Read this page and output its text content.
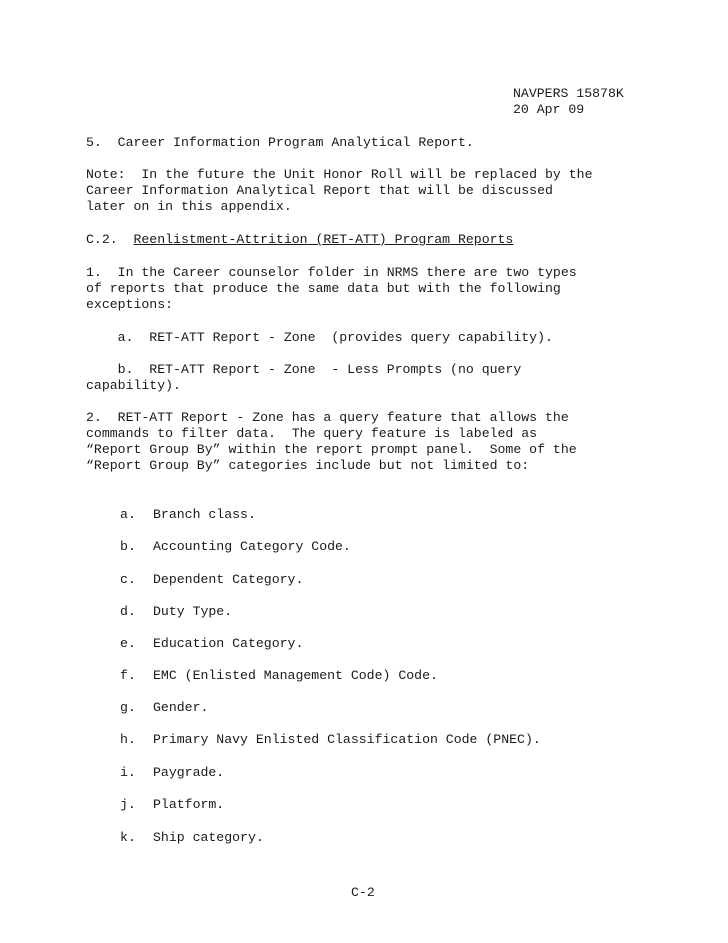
NAVPERS 15878K
20 Apr 09
5.  Career Information Program Analytical Report.
Note:  In the future the Unit Honor Roll will be replaced by the
Career Information Analytical Report that will be discussed
later on in this appendix.
C.2. Reenlistment-Attrition (RET-ATT) Program Reports
1.  In the Career counselor folder in NRMS there are two types
of reports that produce the same data but with the following
exceptions:
a.  RET-ATT Report - Zone  (provides query capability).
b.  RET-ATT Report - Zone  - Less Prompts (no query
capability).
2.  RET-ATT Report - Zone has a query feature that allows the
commands to filter data.  The query feature is labeled as
“Report Group By” within the report prompt panel.  Some of the
“Report Group By” categories include but not limited to:

a. Branch class.

b. Accounting Category Code.

c. Dependent Category.

d. Duty Type.

e. Education Category.

f. EMC (Enlisted Management Code) Code.

g. Gender.

h. Primary Navy Enlisted Classification Code (PNEC).

i. Paygrade.

j. Platform.

k. Ship category.

C-2
